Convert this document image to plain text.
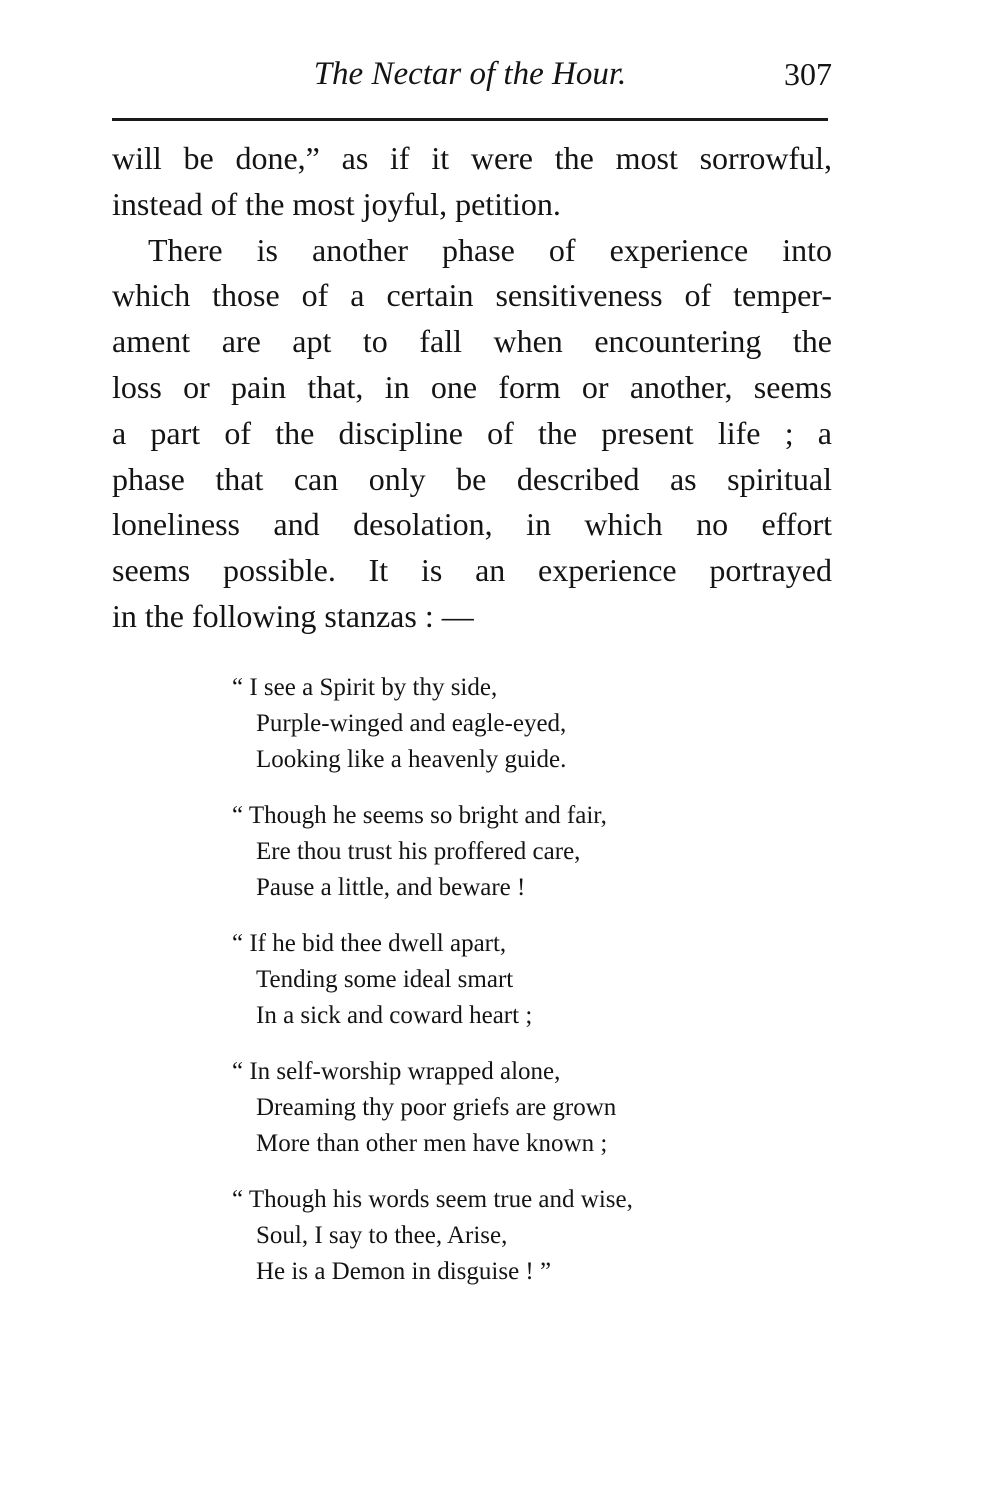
The Nectar of the Hour.	307
will be done,” as if it were the most sorrowful,
instead of the most joyful, petition.
There is another phase of experience into
which those of a certain sensitiveness of temper-
ament are apt to fall when encountering the
loss or pain that, in one form or another, seems
a part of the discipline of the present life ; a
phase that can only be described as spiritual
loneliness and desolation, in which no effort
seems possible. It is an experience portrayed
in the following stanzas : —
“ I see a Spirit by thy side,
Purple-winged and eagle-eyed,
Looking like a heavenly guide.
“ Though he seems so bright and fair,
Ere thou trust his proffered care,
Pause a little, and beware !
“ If he bid thee dwell apart,
Tending some ideal smart
In a sick and coward heart ;
“ In self-worship wrapped alone,
Dreaming thy poor griefs are grown
More than other men have known ;
“ Though his words seem true and wise,
Soul, I say to thee, Arise,
He is a Demon in disguise ! ”
